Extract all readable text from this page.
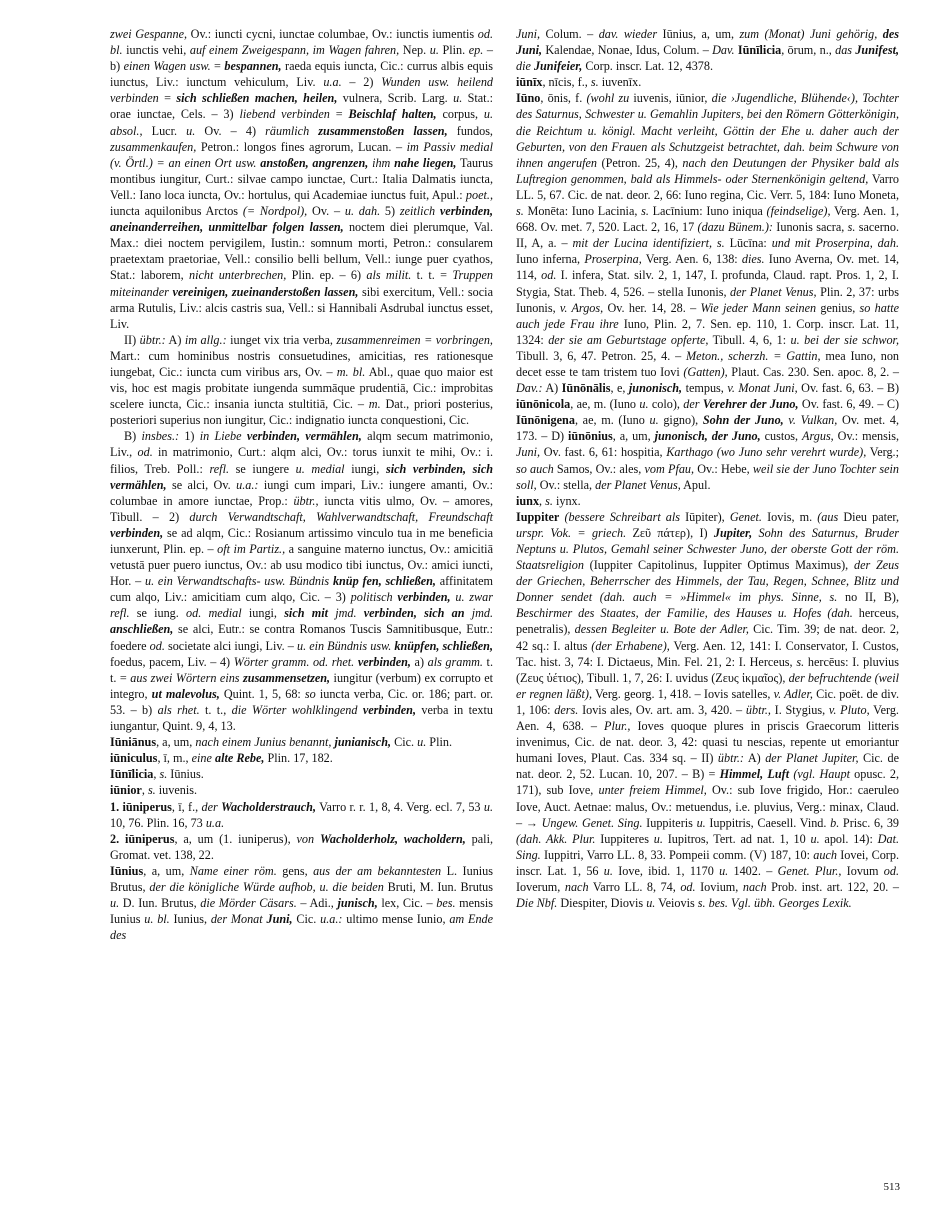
zwei Gespanne, Ov.: iuncti cycni, iunctae columbae, Ov.: iunctis iumentis od. bl. iunctis vehi, auf einem Zweigespann, im Wagen fahren, Nep. u. Plin. ep. – b) einen Wagen usw. = bespannen, raeda equis iuncta, Cic.: currus albis equis iunctus, Liv.: iunctum vehiculum, Liv. u.a. – 2) Wunden usw. heilend verbinden = sich schließen machen, heilen, vulnera, Scrib. Larg. u. Stat.: orae iunctae, Cels. – 3) liebend verbinden = Beischlaf halten, corpus, u. absol., Lucr. u. Ov. – 4) räumlich zusammenstoßen lassen, fundos, zusammenkaufen, Petron.: longos fines agrorum, Lucan. – im Passiv medial (v. Örtl.) = an einen Ort usw. anstoßen, angrenzen, ihm nahe liegen, Taurus montibus iungitur, Curt.: silvae campo iunctae, Curt.: Italia Dalmatis iuncta, Vell.: Iano loca iuncta, Ov.: hortulus, qui Academiae iunctus fuit, Apul.: poet., iuncta aquilonibus Arctos (= Nordpol), Ov. – u. dah. 5) zeitlich verbinden, aneinanderreihen, unmittelbar folgen lassen, noctem diei plerumque, Val. Max.: diei noctem pervigilem, Iustin.: somnum morti, Petron.: consularem praetextam praetoriae, Vell.: consilio belli bellum, Vell.: iunge puer cyathos, Stat.: laborem, nicht unterbrechen, Plin. ep. – 6) als milit. t. t. = Truppen miteinander vereinigen, zueinanderstoßen lassen, sibi exercitum, Vell.: socia arma Rutulis, Liv.: alcis castris sua, Vell.: si Hannibali Asdrubal iunctus esset, Liv.

II) übtr.: A) im allg.: iunget vix tria verba, zusammenreimen = vorbringen, Mart.: cum hominibus nostris consuetudines, amicitias, res rationesque iungebat, Cic.: iuncta cum viribus ars, Ov. – m. bl. Abl., quae quo maior est vis, hoc est magis probitate iungenda summāque prudentiā, Cic.: improbitas scelere iuncta, Cic.: insania iuncta stultitiā, Cic. – m. Dat., priori posterius, posteriori superius non iungitur, Cic.: indignatio iuncta conquestioni, Cic.

B) insbes.: 1) in Liebe verbinden, vermählen, alqm secum matrimonio, Liv., od. in matrimonio, Curt.: alqm alci, Ov.: torus iunxit te mihi, Ov.: i. filios, Treb. Poll.: refl. se iungere u. medial iungi, sich verbinden, sich vermählen, se alci, Ov. u.a.: iungi cum impari, Liv.: iungere amanti, Ov.: columbae in amore iunctae, Prop.: übtr., iuncta vitis ulmo, Ov. – amores, Tibull. – 2) durch Verwandtschaft, Wahlverwandtschaft, Freundschaft verbinden, se ad alqm, Cic.: Rosianum artissimo vinculo tua in me beneficia iunxerunt, Plin. ep. – oft im Partiz., a sanguine materno iunctus, Ov.: amicitiā vetustā puer puero iunctus, Ov.: ab usu modico tibi iunctus, Ov.: amici iuncti, Hor. – u. ein Verwandtschafts- usw. Bündnis knüp fen, schließen, affinitatem cum alqo, Liv.: amicitiam cum alqo, Cic. – 3) politisch verbinden, u. zwar refl. se iung. od. medial iungi, sich mit jmd. verbinden, sich an jmd. anschließen, se alci, Eutr.: se contra Romanos Tuscis Samnitibusque, Eutr.: foedere od. societate alci iungi, Liv. – u. ein Bündnis usw. knüpfen, schließen, foedus, pacem, Liv. – 4) Wörter gramm. od. rhet. verbinden, a) als gramm. t. t. = aus zwei Wörtern eins zusammensetzen, iungitur (verbum) ex corrupto et integro, ut malevolus, Quint. 1, 5, 68: so iuncta verba, Cic. or. 186; part. or. 53. – b) als rhet. t. t., die Wörter wohlklingend verbinden, verba in textu iungantur, Quint. 9, 4, 13.

Iūniānus, a, um, nach einem Junius benannt, junianisch, Cic. u. Plin.

iūniculus, ī, m., eine alte Rebe, Plin. 17, 182.

Iūnīlicia, s. Iūnius.

iūnior, s. iuvenis.

1. iūniperus, ī, f., der Wacholderstrauch, Varro r. r. 1, 8, 4. Verg. ecl. 7, 53 u. 10, 76. Plin. 16, 73 u.a.

2. iūniperus, a, um (1. iuniperus), von Wacholderholz, wacholdern, pali, Gromat. vet. 138, 22.

Iūnius, a, um, Name einer röm. gens, aus der am bekanntesten L. Iunius Brutus, der die königliche Würde aufhob, u. die beiden Bruti, M. Iun. Brutus u. D. Iun. Brutus, die Mörder Cäsars. – Adi., junisch, lex, Cic. – bes. mensis Iunius u. bl. Iunius, der Monat Juni, Cic. u.a.: ultimo mense Iunio, am Ende des

Juni, Colum. – dav. wieder Iūnius, a, um, zum (Monat) Juni gehörig, des Juni, Kalendae, Nonae, Idus, Colum. – Dav. Iūnīlicia, ōrum, n., das Junifest, die Junifeier, Corp. inscr. Lat. 12, 4378.

iūnīx, nīcis, f., s. iuvenīx.

Iūno, ōnis, f. (wohl zu iuvenis, iūnior, die ›Jugendliche, Blühende‹), Tochter des Saturnus, Schwester u. Gemahlin Jupiters, bei den Römern Götterkönigin, die Reichtum u. königl. Macht verleiht, Göttin der Ehe u. daher auch der Geburten, von den Frauen als Schutzgeist betrachtet, dah. beim Schwure von ihnen angerufen (Petron. 25, 4), nach den Deutungen der Physiker bald als Luftregion genommen, bald als Himmels- oder Sternenkönigin geltend, Varro LL. 5, 67. Cic. de nat. deor. 2, 66: Iuno regina, Cic. Verr. 5, 184: Iuno Moneta, s. Monēta: Iuno Lacinia, s. Lacīnium: Iuno iniqua (feindselige), Verg. Aen. 1, 668. Ov. met. 7, 520. Lact. 2, 16, 17 (dazu Bünem.): Iunonis sacra, s. sacerno. II, A, a. – mit der Lucina identifiziert, s. Lūcīna: und mit Proserpina, dah. Iuno inferna, Proserpina, Verg. Aen. 6, 138: dies. Iuno Averna, Ov. met. 14, 114, od. I. infera, Stat. silv. 2, 1, 147, I. profunda, Claud. rapt. Pros. 1, 2, I. Stygia, Stat. Theb. 4, 526. – stella Iunonis, der Planet Venus, Plin. 2, 37: urbs Iunonis, v. Argos, Ov. her. 14, 28. – Wie jeder Mann seinen genius, so hatte auch jede Frau ihre Iuno, Plin. 2, 7. Sen. ep. 110, 1. Corp. inscr. Lat. 11, 1324: der sie am Geburtstage opferte, Tibull. 4, 6, 1: u. bei der sie schwor, Tibull. 3, 6, 47. Petron. 25, 4. – Meton., scherzh. = Gattin, mea Iuno, non decet esse te tam tristem tuo Iovi (Gatten), Plaut. Cas. 230. Sen. apoc. 8, 2. – Dav.: A) Iūnōnālis, e, junonisch, tempus, v. Monat Juni, Ov. fast. 6, 63. – B) iūnōnicola, ae, m. (Iuno u. colo), der Verehrer der Juno, Ov. fast. 6, 49. – C) Iūnōnigena, ae, m. (Iuno u. gigno), Sohn der Juno, v. Vulkan, Ov. met. 4, 173. – D) iūnōnius, a, um, junonisch, der Juno, custos, Argus, Ov.: mensis, Juni, Ov. fast. 6, 61: hospitia, Karthago (wo Juno sehr verehrt wurde), Verg.; so auch Samos, Ov.: ales, vom Pfau, Ov.: Hebe, weil sie der Juno Tochter sein soll, Ov.: stella, der Planet Venus, Apul.

iunx, s. iynx.

Iuppiter (bessere Schreibart als Iūpiter), Genet. Iovis, m. (aus Dieu pater, urspr. Vok. = griech. Ζεῦ πάτερ), I) Jupiter, Sohn des Saturnus, Bruder Neptuns u. Plutos, Gemahl seiner Schwester Juno, der oberste Gott der röm. Staatsreligion (Iuppiter Capitolinus, Iuppiter Optimus Maximus), der Zeus der Griechen, Beherrscher des Himmels, der Tau, Regen, Schnee, Blitz und Donner sendet (dah. auch = »Himmel« im phys. Sinne, s. no II, B), Beschirmer des Staates, der Familie, des Hauses u. Hofes (dah. herceus, penetralis), dessen Begleiter u. Bote der Adler, Cic. Tim. 39; de nat. deor. 2, 42 sq.: I. altus (der Erhabene), Verg. Aen. 12, 141: I. Conservator, I. Custos, Tac. hist. 3, 74: I. Dictaeus, Min. Fel. 21, 2: I. Herceus, s. hercēus: I. pluvius (Ζευς ὑέτιος), Tibull. 1, 7, 26: I. uvidus (Ζευς ἰκμαῖος), der befruchtende (weil er regnen läßt), Verg. georg. 1, 418. – Iovis satelles, v. Adler, Cic. poët. de div. 1, 106: ders. Iovis ales, Ov. art. am. 3, 420. – übtr., I. Stygius, v. Pluto, Verg. Aen. 4, 638. – Plur., Ioves quoque plures in priscis Graecorum litteris invenimus, Cic. de nat. deor. 3, 42: quasi tu nescias, repente ut emoriantur humani Ioves, Plaut. Cas. 334 sq. – II) übtr.: A) der Planet Jupiter, Cic. de nat. deor. 2, 52. Lucan. 10, 207. – B) = Himmel, Luft (vgl. Haupt opusc. 2, 171), sub Iove, unter freiem Himmel, Ov.: sub Iove frigido, Hor.: caeruleo Iove, Auct. Aetnae: malus, Ov.: metuendus, i.e. pluvius, Verg.: minax, Claud. – → Ungew. Genet. Sing. Iuppiteris u. Iuppitris, Caesell. Vind. b. Prisc. 6, 39 (dah. Akk. Plur. Iuppiteres u. Iupitros, Tert. ad nat. 1, 10 u. apol. 14): Dat. Sing. Iuppitri, Varro LL. 8, 33. Pompeii comm. (V) 187, 10: auch Iovei, Corp. inscr. Lat. 1, 56 u. Iove, ibid. 1, 1170 u. 1402. – Genet. Plur., Iovum od. Ioverum, nach Varro LL. 8, 74, od. Iovium, nach Prob. inst. art. 122, 20. – Die Nbf. Diespiter, Diovis u. Veiovis s. bes. Vgl. übh. Georges Lexik.

513
